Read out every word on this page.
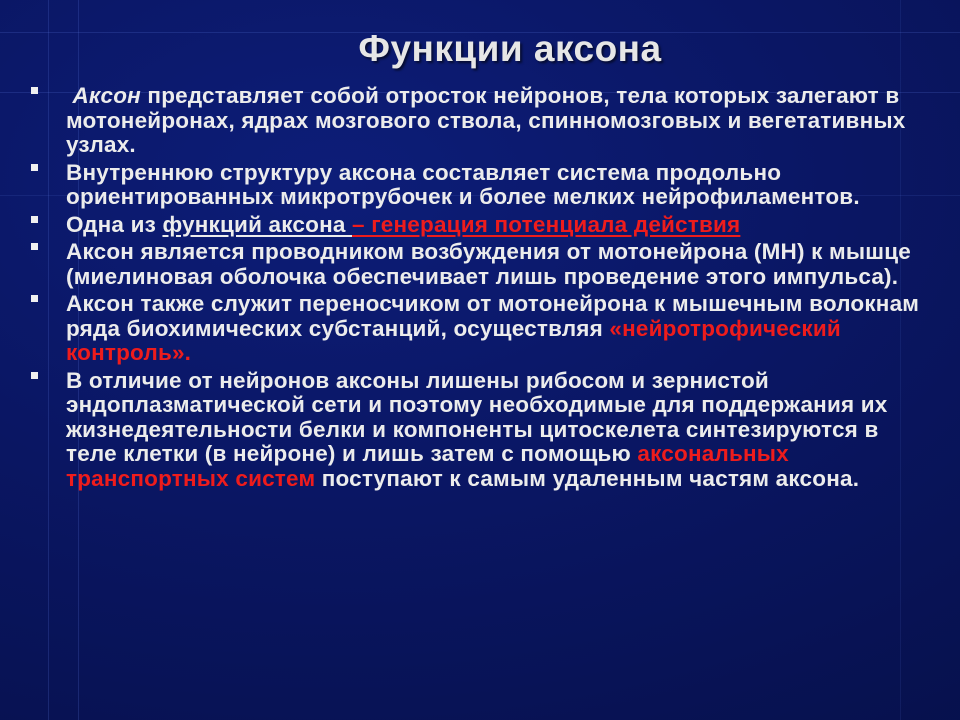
Функции аксона
Аксон представляет собой отросток нейронов, тела которых залегают в мотонейронах, ядрах мозгового ствола, спинномозговых и вегетативных узлах.
Внутреннюю структуру аксона составляет система продольно ориентированных микротрубочек и более мелких нейрофиламентов.
Одна из функций аксона – генерация потенциала действия
Аксон является проводником возбуждения от мотонейрона (МН) к мышце (миелиновая оболочка обеспечивает лишь проведение этого импульса).
Аксон также служит переносчиком от мотонейрона к мышечным волокнам ряда биохимических субстанций, осуществляя «нейротрофический контроль».
В отличие от нейронов аксоны лишены рибосом и зернистой эндоплазматической сети и поэтому необходимые для поддержания их жизнедеятельности белки и компоненты цитоскелета синтезируются в теле клетки (в нейроне) и лишь затем с помощью аксональных транспортных систем поступают к самым удаленным частям аксона.
